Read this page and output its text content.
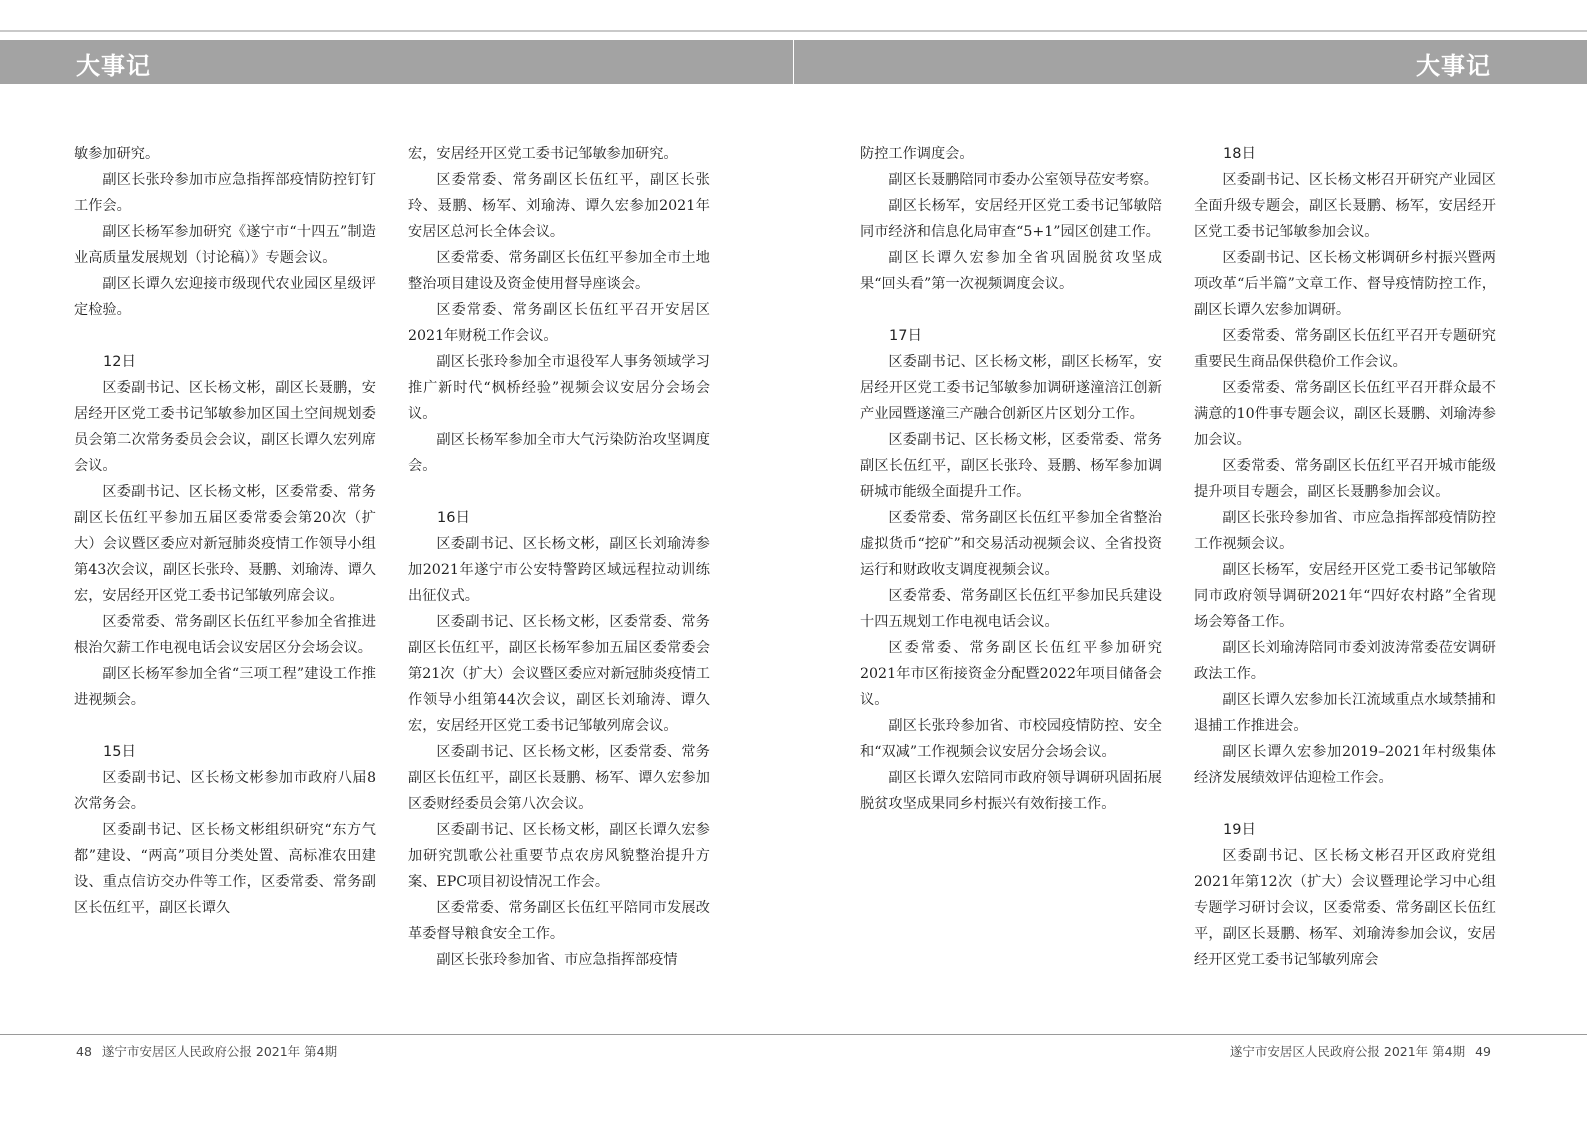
大事记	大事记
敏参加研究。
副区长张玲参加市应急指挥部疫情防控钉钉工作会。
副区长杨军参加研究《遂宁市“十四五”制造业高质量发展规划（讨论稿）》专题会议。
副区长谭久宏迎接市级现代农业园区星级评定检验。
12日
区委副书记、区长杨文彬，副区长聂鹏，安居经开区党工委书记邹敏参加区国土空间规划委员会第二次常务委员会会议，副区长谭久宏列席会议。
区委副书记、区长杨文彬，区委常委、常务副区长伍红平参加五届区委常委会第20次（扩大）会议暨区委应对新冠肺炎疫情工作领导小组第43次会议，副区长张玲、聂鹏、刘瑜涛、谭久宏，安居经开区党工委书记邹敏列席会议。
区委常委、常务副区长伍红平参加全省推进根治欠薪工作电视电话会议安居区分会场会议。
副区长杨军参加全省“三项工程”建设工作推进视频会。
15日
区委副书记、区长杨文彬参加市政府八届8次常务会。
区委副书记、区长杨文彬组织研究“东方气都”建设、“两高”项目分类处置、高标准农田建设、重点信访交办件等工作，区委常委、常务副区长伍红平，副区长谭久
宏，安居经开区党工委书记邹敏参加研究。
区委常委、常务副区长伍红平，副区长张玲、聂鹏、杨军、刘瑜涛、谭久宏参加2021年安居区总河长全体会议。
区委常委、常务副区长伍红平参加全市土地整治项目建设及资金使用督导座谈会。
区委常委、常务副区长伍红平召开安居区2021年财税工作会议。
副区长张玲参加全市退役军人事务领域学习推广新时代“枫桥经验”视频会议安居分会场会议。
副区长杨军参加全市大气污染防治攻坚调度会。
16日
区委副书记、区长杨文彬，副区长刘瑜涛参加2021年遂宁市公安特警跨区域远程拉动训练出征仪式。
区委副书记、区长杨文彬，区委常委、常务副区长伍红平，副区长杨军参加五届区委常委会第21次（扩大）会议暨区委应对新冠肺炎疫情工作领导小组第44次会议，副区长刘瑜涛、谭久宏，安居经开区党工委书记邹敏列席会议。
区委副书记、区长杨文彬，区委常委、常务副区长伍红平，副区长聂鹏、杨军、谭久宏参加区委财经委员会第八次会议。
区委副书记、区长杨文彬，副区长谭久宏参加研究凯歌公社重要节点农房风貌整治提升方案、EPC项目初设情况工作会。
区委常委、常务副区长伍红平陪同市发展改革委督导粮食安全工作。
副区长张玲参加省、市应急指挥部疫情
防控工作调度会。
副区长聂鹏陪同市委办公室领导莅安考察。
副区长杨军，安居经开区党工委书记邹敏陪同市经济和信息化局审查“5+1”园区创建工作。
副区长谭久宏参加全省巩固脱贫攻坚成果“回头看”第一次视频调度会议。
17日
区委副书记、区长杨文彬，副区长杨军，安居经开区党工委书记邹敏参加调研遂潼涪江创新产业园暨遂潼三产融合创新区片区划分工作。
区委副书记、区长杨文彬，区委常委、常务副区长伍红平，副区长张玲、聂鹏、杨军参加调研城市能级全面提升工作。
区委常委、常务副区长伍红平参加全省整治虚拟货币“挖矿”和交易活动视频会议、全省投资运行和财政收支调度视频会议。
区委常委、常务副区长伍红平参加民兵建设十四五规划工作电视电话会议。
区委常委、常务副区长伍红平参加研究2021年市区衔接资金分配暨2022年项目储备会议。
副区长张玲参加省、市校园疫情防控、安全和“双减”工作视频会议安居分会场会议。
副区长谭久宏陪同市政府领导调研巩固拓展脱贫攻坚成果同乡村振兴有效衔接工作。
18日
区委副书记、区长杨文彬召开研究产业园区全面升级专题会，副区长聂鹏、杨军，安居经开区党工委书记邹敏参加会议。
区委副书记、区长杨文彬调研乡村振兴暨两项改革“后半篇”文章工作、督导疫情防控工作，副区长谭久宏参加调研。
区委常委、常务副区长伍红平召开专题研究重要民生商品保供稳价工作会议。
区委常委、常务副区长伍红平召开群众最不满意的10件事专题会议，副区长聂鹏、刘瑜涛参加会议。
区委常委、常务副区长伍红平召开城市能级提升项目专题会，副区长聂鹏参加会议。
副区长张玲参加省、市应急指挥部疫情防控工作视频会议。
副区长杨军，安居经开区党工委书记邹敏陪同市政府领导调研2021年“四好农村路”全省现场会筹备工作。
副区长刘瑜涛陪同市委刘波涛常委莅安调研政法工作。
副区长谭久宏参加长江流域重点水域禁捕和退捕工作推进会。
副区长谭久宏参加2019–2021年村级集体经济发展绩效评估迎检工作会。
19日
区委副书记、区长杨文彬召开区政府党组2021年第12次（扩大）会议暨理论学习中心组专题学习研讨会议，区委常委、常务副区长伍红平，副区长聂鹏、杨军、刘瑜涛参加会议，安居经开区党工委书记邹敏列席会
48 遂宁市安居区人民政府公报 2021年 第4期	遂宁市安居区人民政府公报 2021年 第4期 49
